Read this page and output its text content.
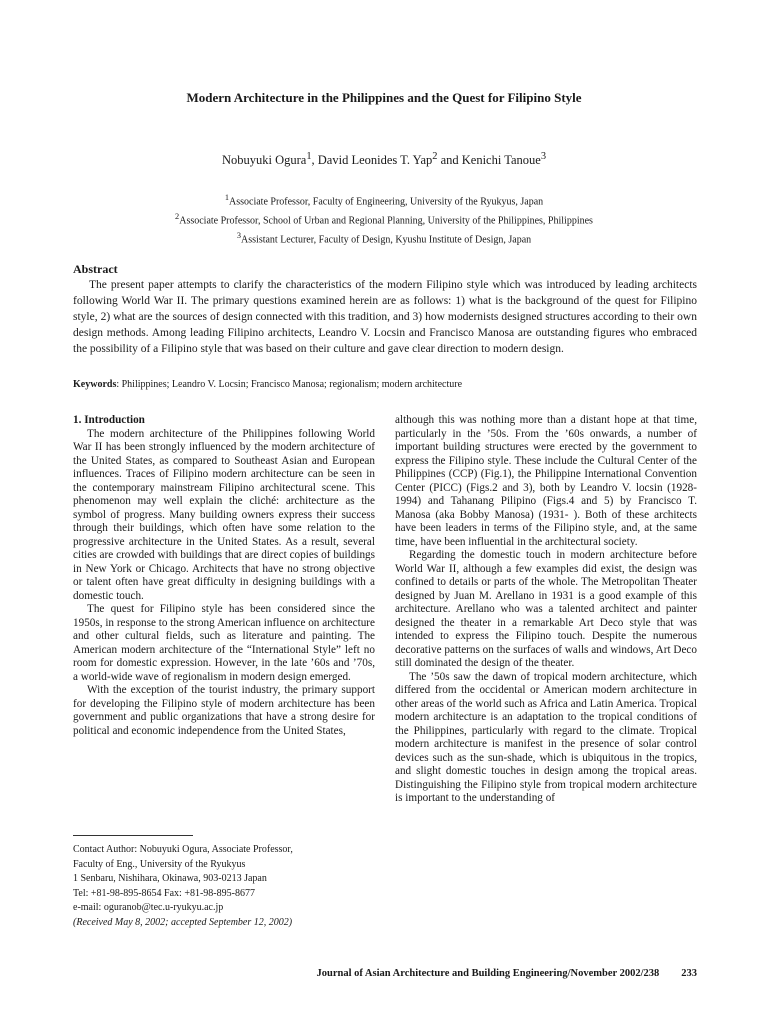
Modern Architecture in the Philippines and the Quest for Filipino Style
Nobuyuki Ogura$^1$, David Leonides T. Yap$^2$ and Kenichi Tanoue$^3$
$^1$Associate Professor, Faculty of Engineering, University of the Ryukyus, Japan
$^2$Associate Professor, School of Urban and Regional Planning, University of the Philippines, Philippines
$^3$Assistant Lecturer, Faculty of Design, Kyushu Institute of Design, Japan
Abstract

The present paper attempts to clarify the characteristics of the modern Filipino style which was introduced by leading architects following World War II. The primary questions examined herein are as follows: 1) what is the background of the quest for Filipino style, 2) what are the sources of design connected with this tradition, and 3) how modernists designed structures according to their own design methods. Among leading Filipino architects, Leandro V. Locsin and Francisco Manosa are outstanding figures who embraced the possibility of a Filipino style that was based on their culture and gave clear direction to modern design.

Keywords: Philippines; Leandro V. Locsin; Francisco Manosa; regionalism; modern architecture
1. Introduction

The modern architecture of the Philippines following World War II has been strongly influenced by the modern architecture of the United States, as compared to Southeast Asian and European influences. Traces of Filipino modern architecture can be seen in the contemporary mainstream Filipino architectural scene. This phenomenon may well explain the cliché: architecture as the symbol of progress. Many building owners express their success through their buildings, which often have some relation to the progressive architecture in the United States. As a result, several cities are crowded with buildings that are direct copies of buildings in New York or Chicago. Architects that have no strong objective or talent often have great difficulty in designing buildings with a domestic touch.

The quest for Filipino style has been considered since the 1950s, in response to the strong American influence on architecture and other cultural fields, such as literature and painting. The American modern architecture of the “International Style” left no room for domestic expression. However, in the late ’60s and ’70s, a world-wide wave of regionalism in modern design emerged.

With the exception of the tourist industry, the primary support for developing the Filipino style of modern architecture has been government and public organizations that have a strong desire for political and economic independence from the United States,

although this was nothing more than a distant hope at that time, particularly in the ’50s. From the ’60s onwards, a number of important building structures were erected by the government to express the Filipino style. These include the Cultural Center of the Philippines (CCP) (Fig.1), the Philippine International Convention Center (PICC) (Figs.2 and 3), both by Leandro V. locsin (1928-1994) and Tahanang Pilipino (Figs.4 and 5) by Francisco T. Manosa (aka Bobby Manosa) (1931- ). Both of these architects have been leaders in terms of the Filipino style, and, at the same time, have been influential in the architectural society.

Regarding the domestic touch in modern architecture before World War II, although a few examples did exist, the design was confined to details or parts of the whole. The Metropolitan Theater designed by Juan M. Arellano in 1931 is a good example of this architecture. Arellano who was a talented architect and painter designed the theater in a remarkable Art Deco style that was intended to express the Filipino touch. Despite the numerous decorative patterns on the surfaces of walls and windows, Art Deco still dominated the design of the theater.

The ’50s saw the dawn of tropical modern architecture, which differed from the occidental or American modern architecture in other areas of the world such as Africa and Latin America. Tropical modern architecture is an adaptation to the tropical conditions of the Philippines, particularly with regard to the climate. Tropical modern architecture is manifest in the presence of solar control devices such as the sun-shade, which is ubiquitous in the tropics, and slight domestic touches in design among the tropical areas. Distinguishing the Filipino style from tropical modern architecture is important to the understanding of

Contact Author: Nobuyuki Ogura, Associate Professor,
Faculty of Eng., University of the Ryukyus
1 Senbaru, Nishihara, Okinawa, 903-0213 Japan
Tel: +81-98-895-8654 Fax: +81-98-895-8677
e-mail: oguranob@tec.u-ryukyu.ac.jp
(Received May 8, 2002; accepted September 12, 2002)
Journal of Asian Architecture and Building Engineering/November 2002/238 233
